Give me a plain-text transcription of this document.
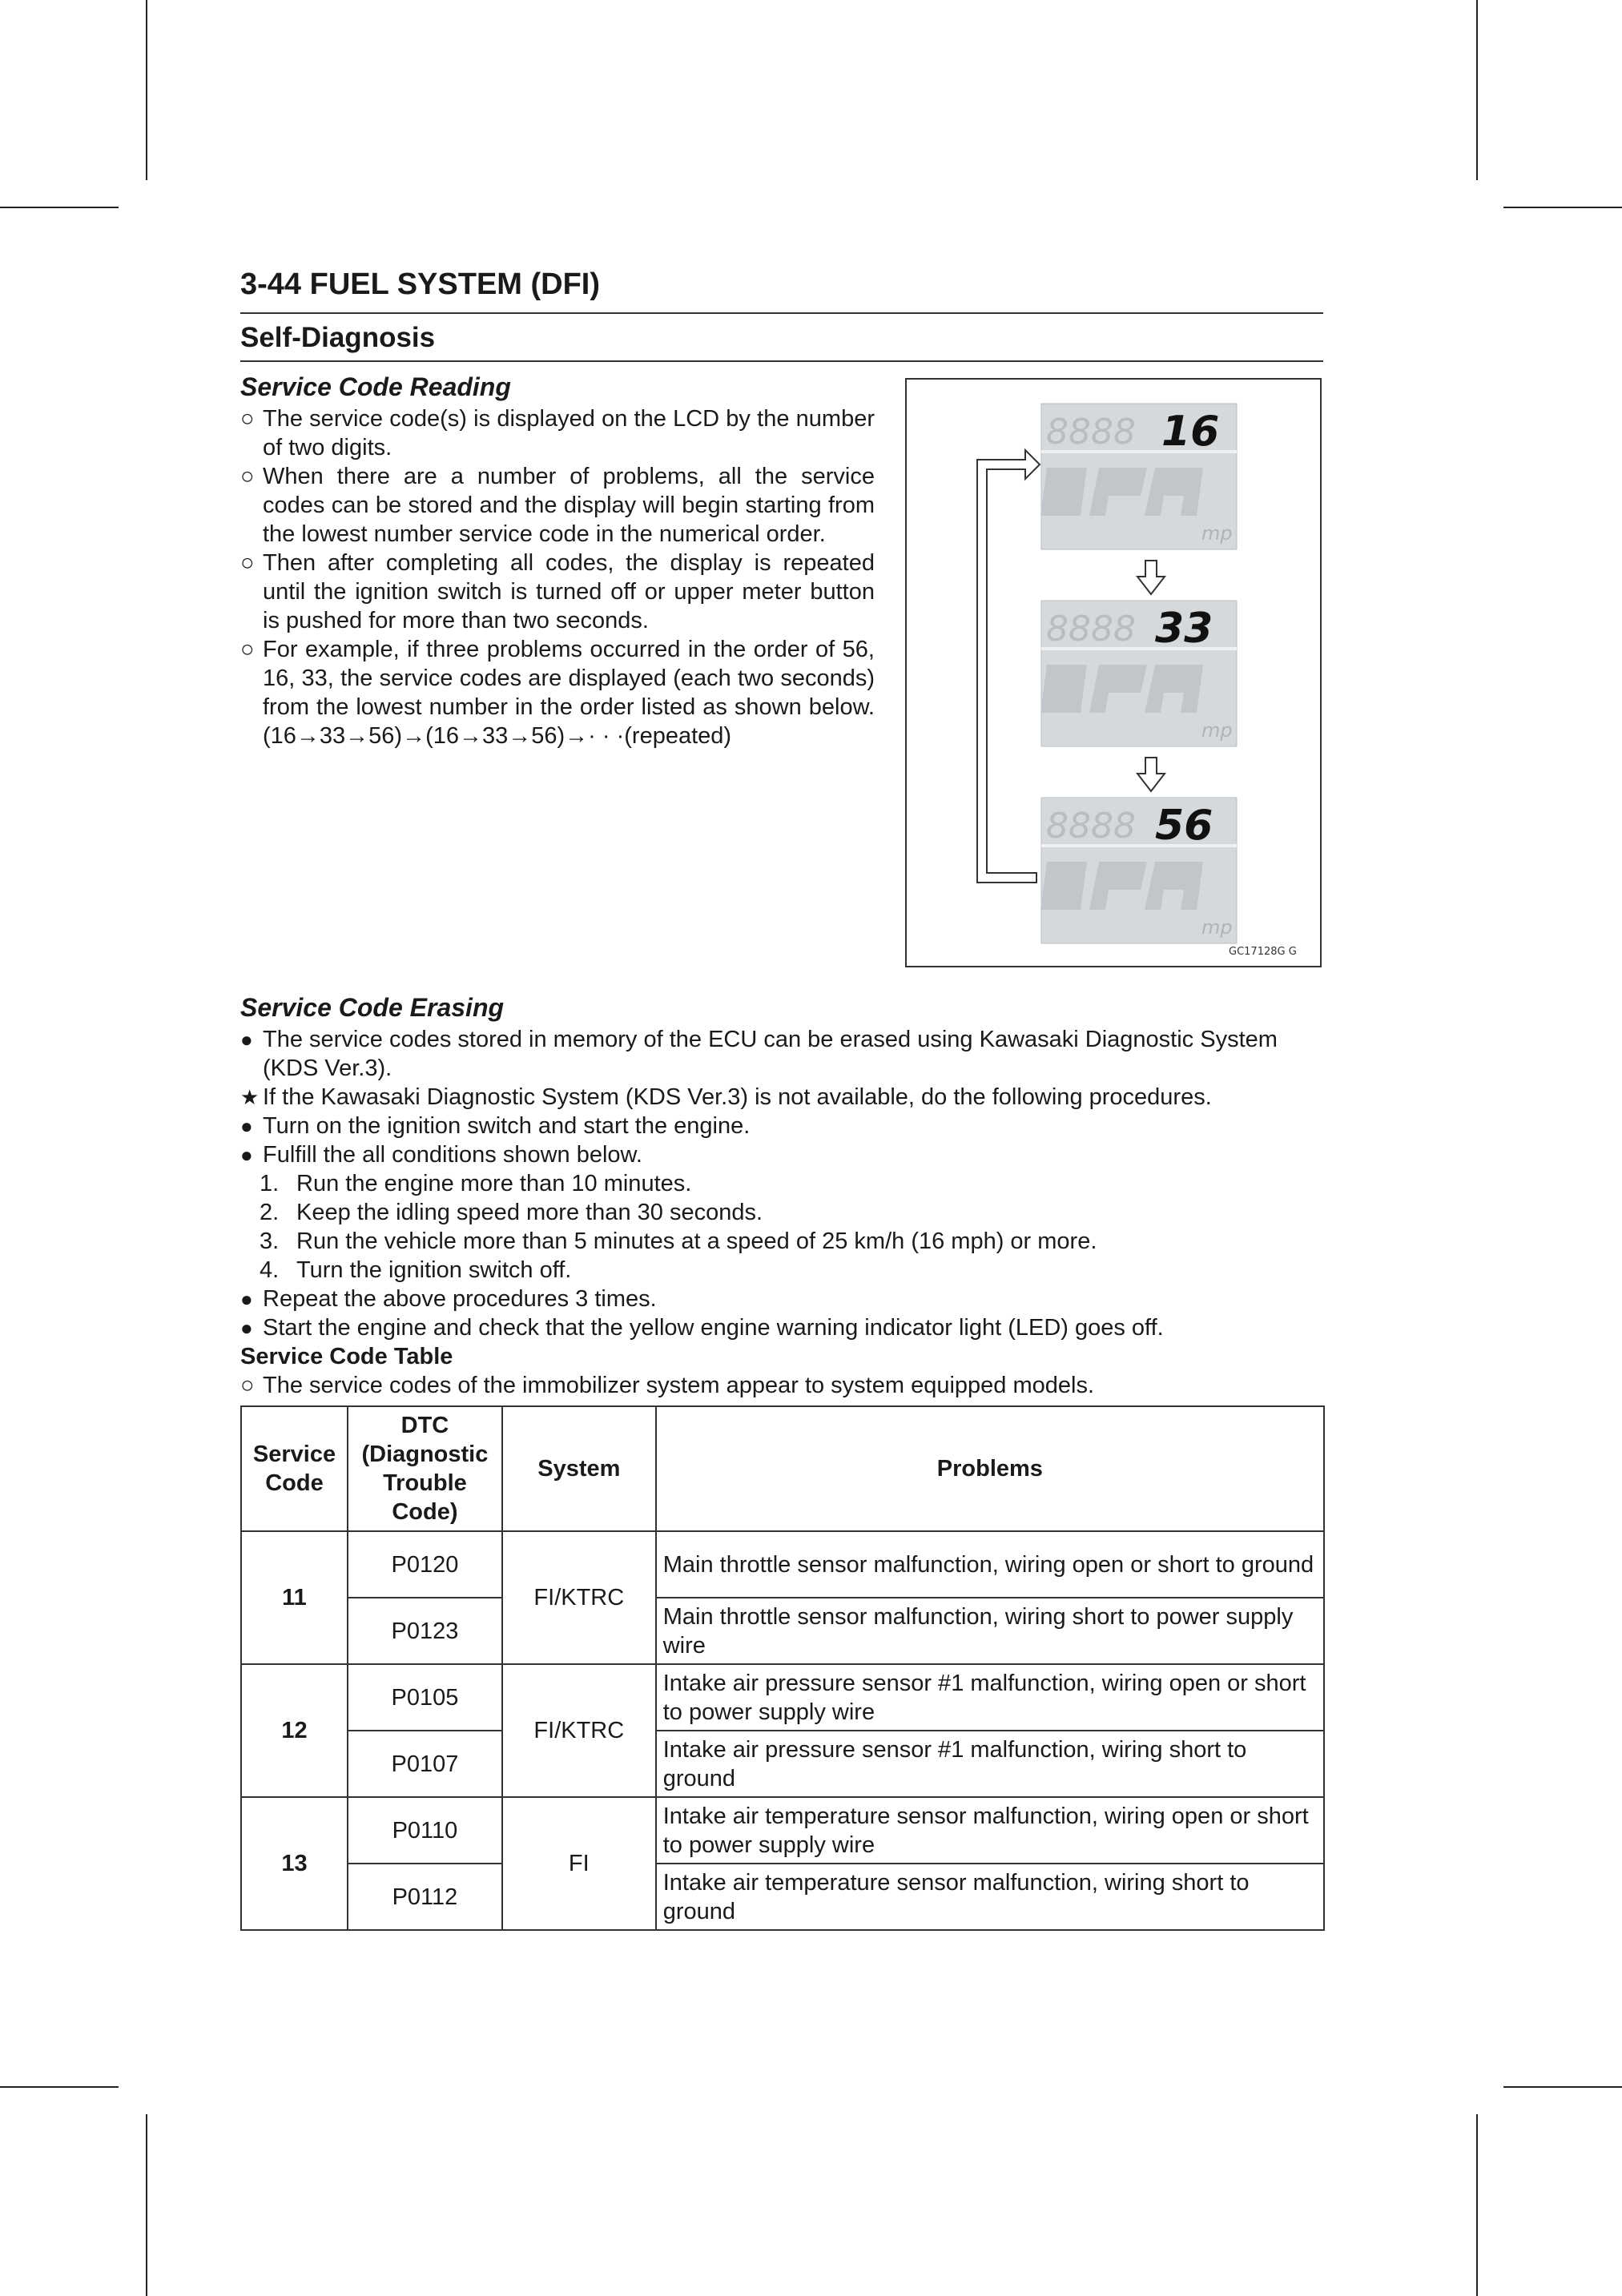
3-44 FUEL SYSTEM (DFI)
Self-Diagnosis
Service Code Reading

○ The service code(s) is displayed on the LCD by the number of two digits.

○ When there are a number of problems, all the service codes can be stored and the display will begin starting from the lowest number service code in the numerical order.

○ Then after completing all codes, the display is repeated until the ignition switch is turned off or upper meter button is pushed for more than two seconds.

○ For example, if three problems occurred in the order of 56, 16, 33, the service codes are displayed (each two seconds) from the lowest number in the order listed as shown below. (16→33→56)→(16→33→56)→· · ·(repeated)

8888 16
mp
8888 33
mp
8888 56
mp
GC17128G G
Service Code Erasing
● The service codes stored in memory of the ECU can be erased using Kawasaki Diagnostic System (KDS Ver.3).
★ If the Kawasaki Diagnostic System (KDS Ver.3) is not available, do the following procedures.
● Turn on the ignition switch and start the engine.
● Fulfill the all conditions shown below.
1. Run the engine more than 10 minutes.
2. Keep the idling speed more than 30 seconds.
3. Run the vehicle more than 5 minutes at a speed of 25 km/h (16 mph) or more.
4. Turn the ignition switch off.
● Repeat the above procedures 3 times.
● Start the engine and check that the yellow engine warning indicator light (LED) goes off.
Service Code Table
○ The service codes of the immobilizer system appear to system equipped models.
Service Code	DTC (Diagnostic Trouble Code)	System	Problems
11	P0120	FI/KTRC	Main throttle sensor malfunction, wiring open or short to ground
	P0123		Main throttle sensor malfunction, wiring short to power supply wire
12	P0105	FI/KTRC	Intake air pressure sensor #1 malfunction, wiring open or short to power supply wire
	P0107		Intake air pressure sensor #1 malfunction, wiring short to ground
13	P0110	FI	Intake air temperature sensor malfunction, wiring open or short to power supply wire
	P0112		Intake air temperature sensor malfunction, wiring short to ground
